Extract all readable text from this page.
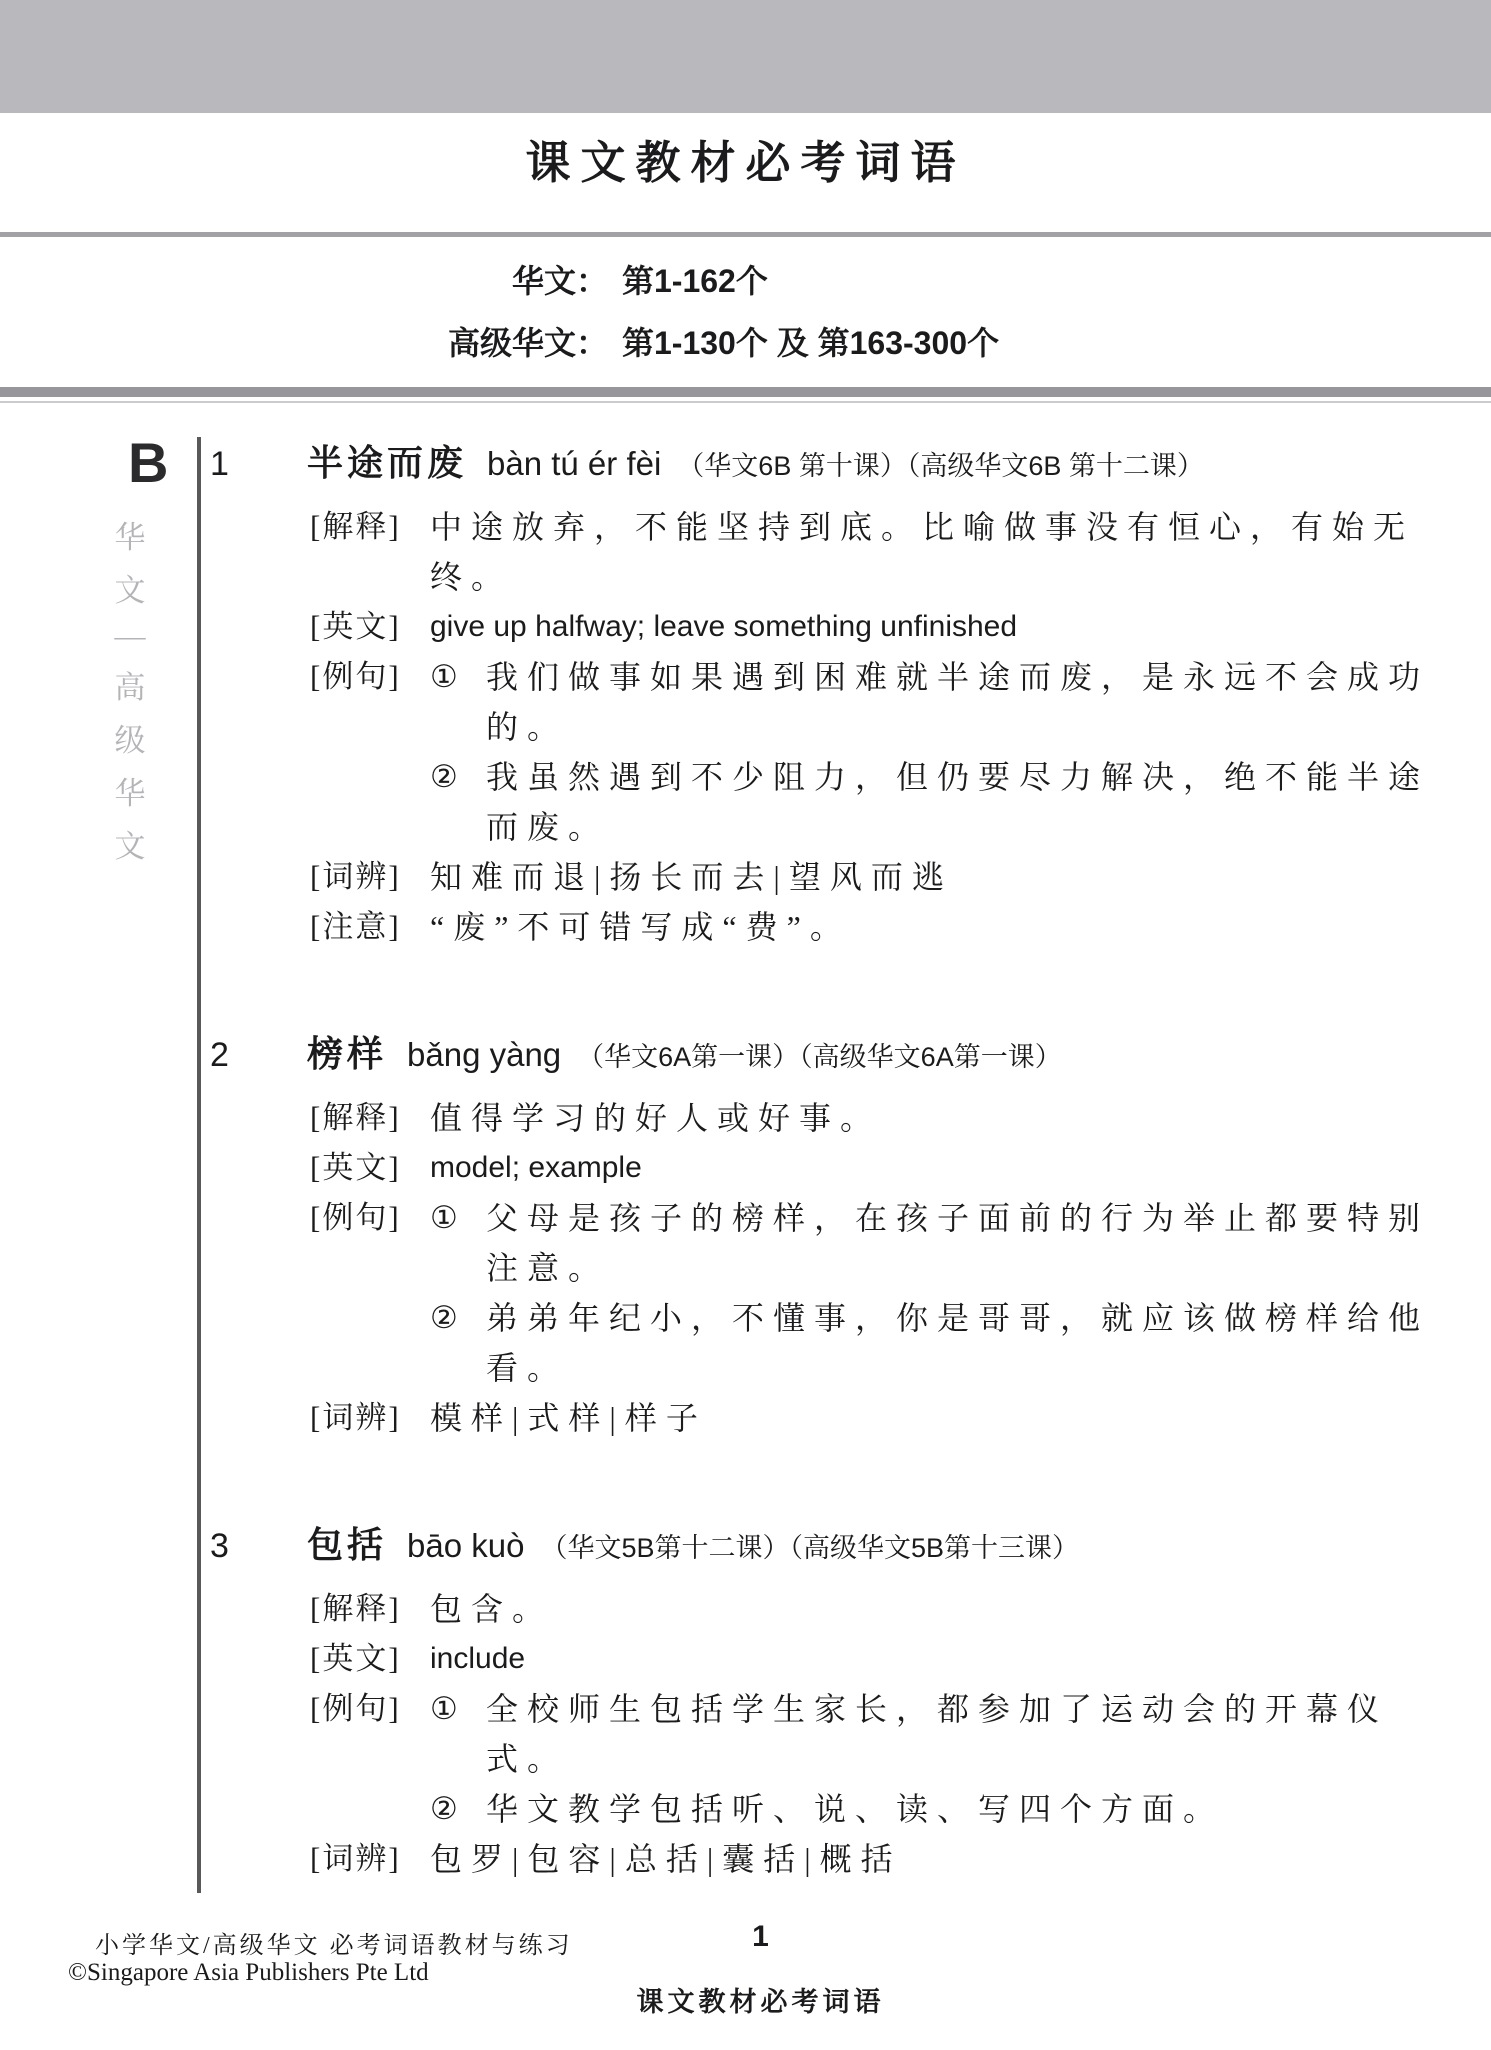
课文教材必考词语
华文： 第1-162个
高级华文： 第1-130个 及 第163-300个
B
华
文
—
高
级
华
文
1	半途而废 bàn tú ér fèi （华文6B 第十课）（高级华文6B 第十二课）
[解释] 中途放弃，不能坚持到底。比喻做事没有恒心，有始无终。
[英文] give up halfway; leave something unfinished
[例句] ① 我们做事如果遇到困难就半途而废，是永远不会成功的。
② 我虽然遇到不少阻力，但仍要尽力解决，绝不能半途而废。
[词辨] 知难而退|扬长而去|望风而逃
[注意] “废”不可错写成“费”。
2	榜样 bǎng yàng （华文6A第一课）（高级华文6A第一课）
[解释] 值得学习的好人或好事。
[英文] model; example
[例句] ① 父母是孩子的榜样，在孩子面前的行为举止都要特别注意。
② 弟弟年纪小，不懂事，你是哥哥，就应该做榜样给他看。
[词辨] 模样|式样|样子
3	包括 bāo kuò （华文5B第十二课）（高级华文5B第十三课）
[解释] 包含。
[英文] include
[例句] ① 全校师生包括学生家长，都参加了运动会的开幕仪式。
② 华文教学包括听、说、读、写四个方面。
[词辨] 包罗|包容|总括|囊括|概括
小学华文/高级华文 必考词语教材与练习
©Singapore Asia Publishers Pte Ltd
1
课文教材必考词语
